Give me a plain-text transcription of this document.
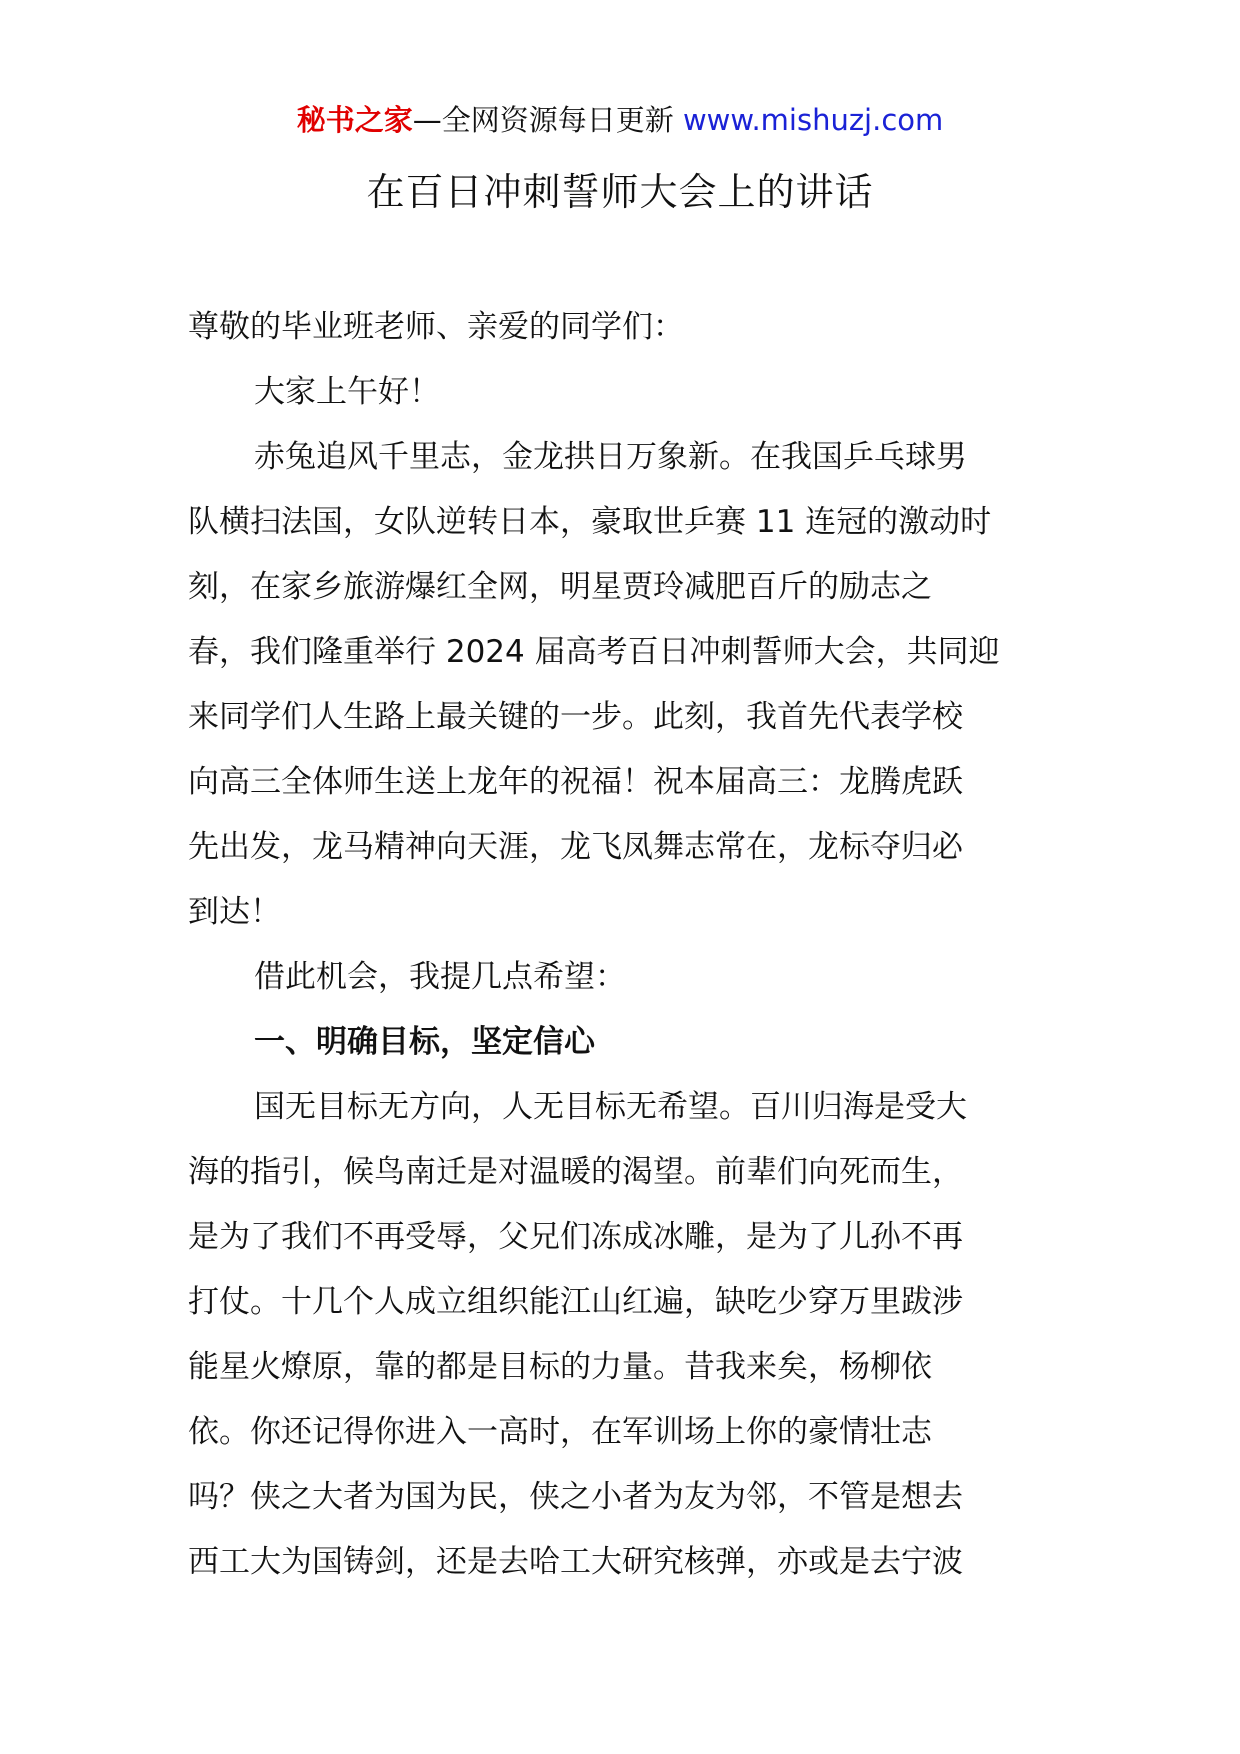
秘书之家—全网资源每日更新 www.mishuzj.com
在百日冲刺誓师大会上的讲话

尊敬的毕业班老师、亲爱的同学们：

大家上午好！

赤兔追风千里志，金龙拱日万象新。在我国乒乓球男
队横扫法国，女队逆转日本，豪取世乒赛 11 连冠的激动时
刻，在家乡旅游爆红全网，明星贾玲减肥百斤的励志之
春，我们隆重举行 2024 届高考百日冲刺誓师大会，共同迎
来同学们人生路上最关键的一步。此刻，我首先代表学校
向高三全体师生送上龙年的祝福！祝本届高三：龙腾虎跃
先出发，龙马精神向天涯，龙飞凤舞志常在，龙标夺归必
到达！

借此机会，我提几点希望：

一、明确目标，坚定信心

国无目标无方向，人无目标无希望。百川归海是受大
海的指引，候鸟南迁是对温暖的渴望。前辈们向死而生，
是为了我们不再受辱，父兄们冻成冰雕，是为了儿孙不再
打仗。十几个人成立组织能江山红遍，缺吃少穿万里跋涉
能星火燎原，靠的都是目标的力量。昔我来矣，杨柳依
依。你还记得你进入一高时，在军训场上你的豪情壮志
吗？侠之大者为国为民，侠之小者为友为邻，不管是想去
西工大为国铸剑，还是去哈工大研究核弹，亦或是去宁波
